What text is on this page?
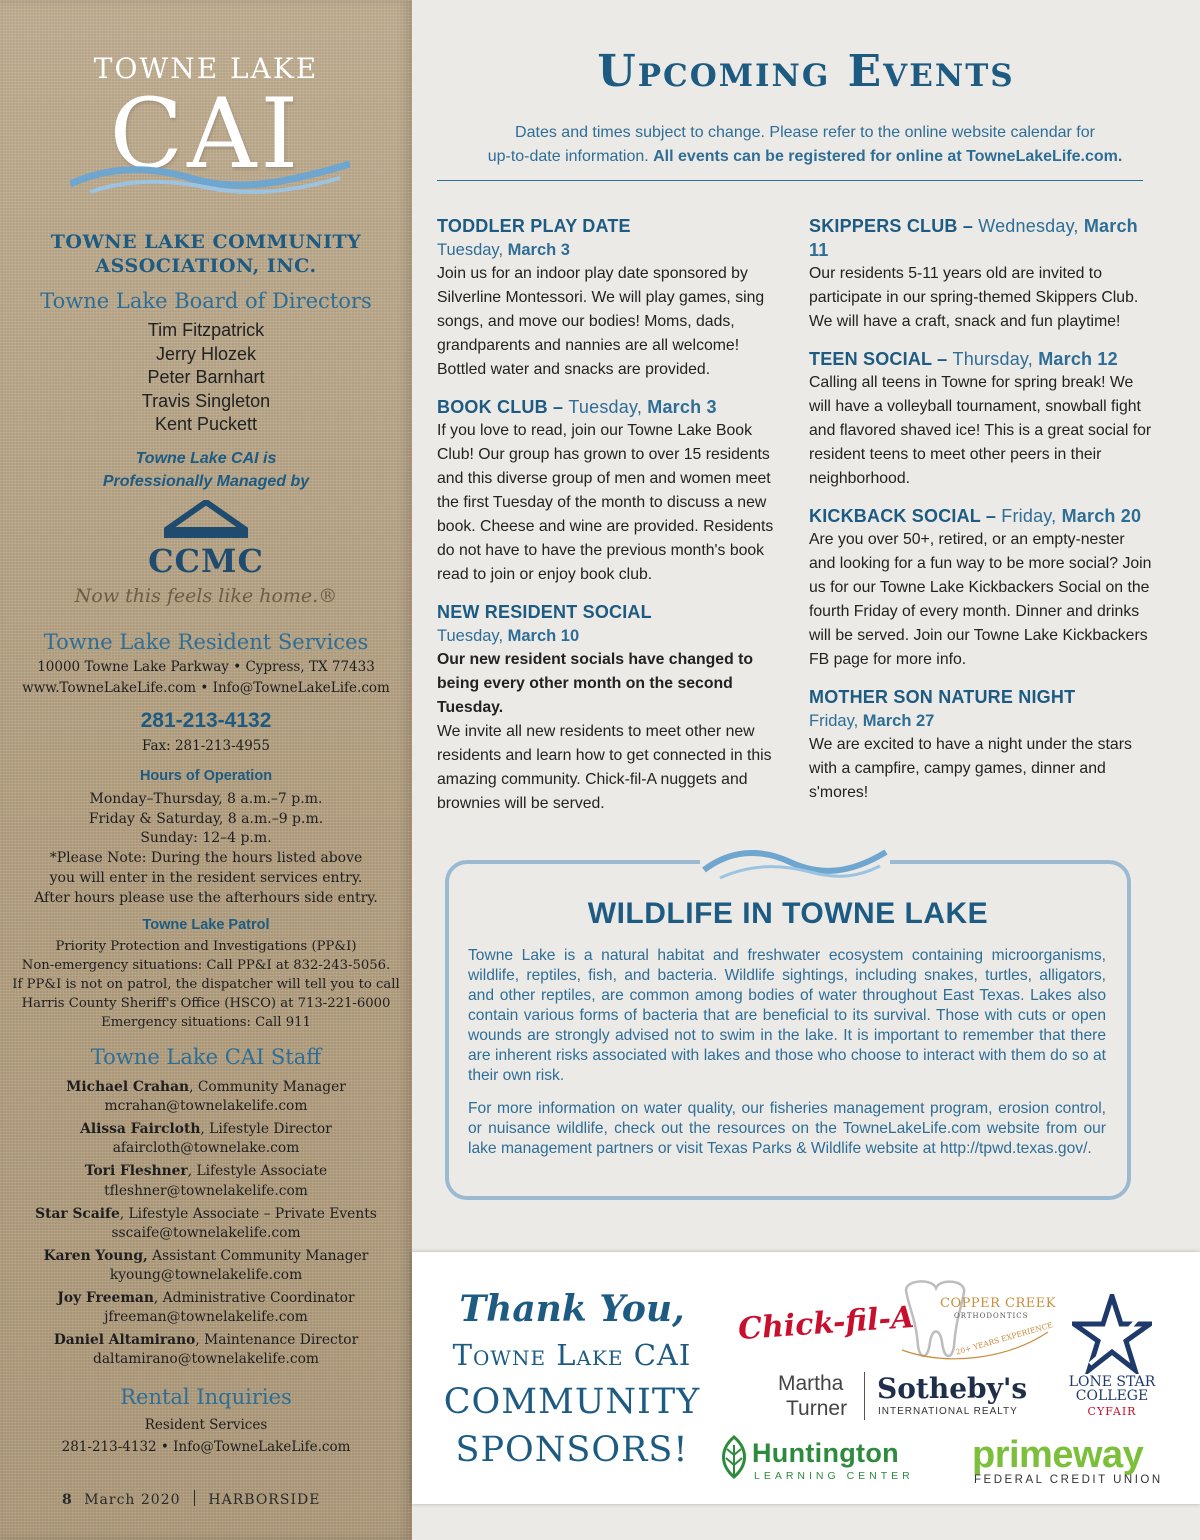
TOWNE LAKE
CAI
TOWNE LAKE COMMUNITY
ASSOCIATION, INC.
Towne Lake Board of Directors
Tim Fitzpatrick
Jerry Hlozek
Peter Barnhart
Travis Singleton
Kent Puckett
Towne Lake CAI is
Professionally Managed by
CCMC
Now this feels like home.®
Towne Lake Resident Services
10000 Towne Lake Parkway • Cypress, TX 77433
www.TowneLakeLife.com • Info@TowneLakeLife.com
281-213-4132
Fax: 281-213-4955
Hours of Operation
Monday–Thursday, 8 a.m.–7 p.m.
Friday & Saturday, 8 a.m.–9 p.m.
Sunday: 12–4 p.m.
*Please Note: During the hours listed above
you will enter in the resident services entry.
After hours please use the afterhours side entry.
Towne Lake Patrol
Priority Protection and Investigations (PP&I)
Non-emergency situations: Call PP&I at 832-243-5056.
If PP&I is not on patrol, the dispatcher will tell you to call
Harris County Sheriff's Office (HSCO) at 713-221-6000
Emergency situations: Call 911
Towne Lake CAI Staff
Michael Crahan, Community Manager
mcrahan@townelakelife.com
Alissa Faircloth, Lifestyle Director
afaircloth@townelake.com
Tori Fleshner, Lifestyle Associate
tfleshner@townelakelife.com
Star Scaife, Lifestyle Associate – Private Events
sscaife@townelakelife.com
Karen Young, Assistant Community Manager
kyoung@townelakelife.com
Joy Freeman, Administrative Coordinator
jfreeman@townelakelife.com
Daniel Altamirano, Maintenance Director
daltamirano@townelakelife.com
Rental Inquiries
Resident Services
281-213-4132 • Info@TowneLakeLife.com
8 March 2020 HARBORSIDE
Upcoming Events
Dates and times subject to change. Please refer to the online website calendar for
up-to-date information. All events can be registered for online at TowneLakeLife.com.
TODDLER PLAY DATE
Tuesday, March 3
Join us for an indoor play date sponsored by Silverline Montessori. We will play games, sing songs, and move our bodies! Moms, dads, grandparents and nannies are all welcome! Bottled water and snacks are provided.
BOOK CLUB – Tuesday, March 3
If you love to read, join our Towne Lake Book Club! Our group has grown to over 15 residents and this diverse group of men and women meet the first Tuesday of the month to discuss a new book. Cheese and wine are provided. Residents do not have to have the previous month's book read to join or enjoy book club.
NEW RESIDENT SOCIAL
Tuesday, March 10
Our new resident socials have changed to being every other month on the second Tuesday.
We invite all new residents to meet other new residents and learn how to get connected in this amazing community. Chick-fil-A nuggets and brownies will be served.
SKIPPERS CLUB – Wednesday, March 11
Our residents 5-11 years old are invited to participate in our spring-themed Skippers Club. We will have a craft, snack and fun playtime!
TEEN SOCIAL – Thursday, March 12
Calling all teens in Towne for spring break! We will have a volleyball tournament, snowball fight and flavored shaved ice! This is a great social for resident teens to meet other peers in their neighborhood.
KICKBACK SOCIAL – Friday, March 20
Are you over 50+, retired, or an empty-nester and looking for a fun way to be more social? Join us for our Towne Lake Kickbackers Social on the fourth Friday of every month. Dinner and drinks will be served. Join our Towne Lake Kickbackers FB page for more info.
MOTHER SON NATURE NIGHT
Friday, March 27
We are excited to have a night under the stars with a campfire, campy games, dinner and s'mores!
WILDLIFE IN TOWNE LAKE
Towne Lake is a natural habitat and freshwater ecosystem containing microorganisms, wildlife, reptiles, fish, and bacteria. Wildlife sightings, including snakes, turtles, alligators, and other reptiles, are common among bodies of water throughout East Texas. Lakes also contain various forms of bacteria that are beneficial to its survival. Those with cuts or open wounds are strongly advised not to swim in the lake. It is important to remember that there are inherent risks associated with lakes and those who choose to interact with them do so at their own risk.
For more information on water quality, our fisheries management program, erosion control, or nuisance wildlife, check out the resources on the TowneLakeLife.com website from our lake management partners or visit Texas Parks & Wildlife website at http://tpwd.texas.gov/.
Thank You,
Towne Lake CAI
COMMUNITY
SPONSORS!
Chick-fil-A COPPER CREEK
ORTHODONTICS
20+ YEARS EXPERIENCE
LONE STAR
COLLEGE
CYFAIR
Martha
Turner
Sotheby's
INTERNATIONAL REALTY
Huntington
LEARNING CENTER primeway
FEDERAL CREDIT UNION
